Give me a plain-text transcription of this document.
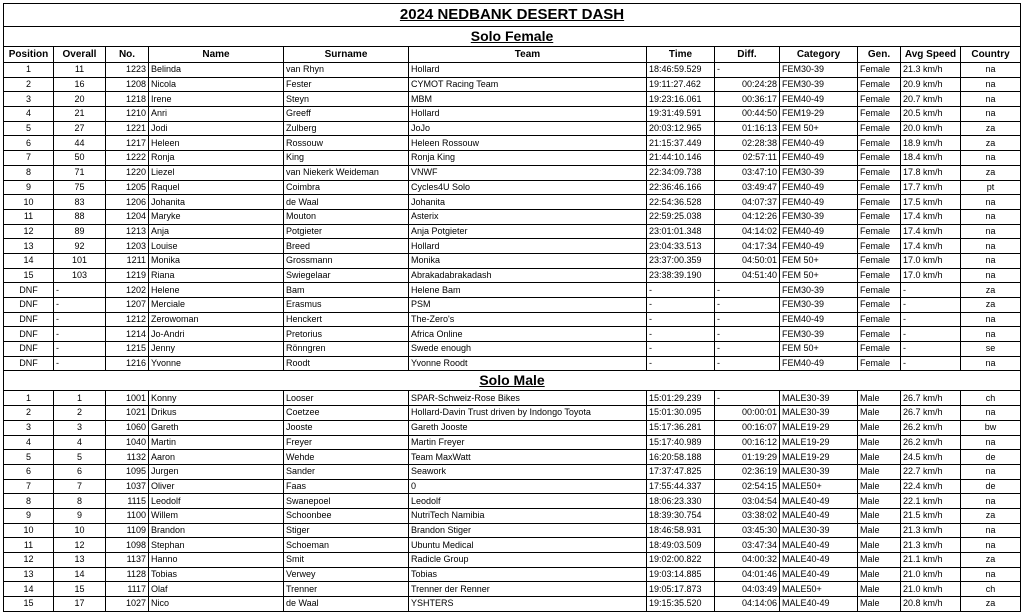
2024 NEDBANK DESERT DASH											
Solo Female											
Position	Overall	No.	Name	Surname	Team	Time	Diff.	Category	Gen.	Avg Speed	Country
1	11	1223	Belinda	van Rhyn	Hollard	18:46:59.529	-	FEM30-39	Female	21.3 km/h	na
2	16	1208	Nicola	Fester	CYMOT Racing Team	19:11:27.462	00:24:28	FEM30-39	Female	20.9 km/h	na
3	20	1218	Irene	Steyn	MBM	19:23:16.061	00:36:17	FEM40-49	Female	20.7 km/h	na
4	21	1210	Anri	Greeff	Hollard	19:31:49.591	00:44:50	FEM19-29	Female	20.5 km/h	na
5	27	1221	Jodi	Zulberg	JoJo	20:03:12.965	01:16:13	FEM 50+	Female	20.0 km/h	za
6	44	1217	Heleen	Rossouw	Heleen Rossouw	21:15:37.449	02:28:38	FEM40-49	Female	18.9 km/h	za
7	50	1222	Ronja	King	Ronja King	21:44:10.146	02:57:11	FEM40-49	Female	18.4 km/h	na
8	71	1220	Liezel	van Niekerk Weideman	VNWF	22:34:09.738	03:47:10	FEM30-39	Female	17.8 km/h	za
9	75	1205	Raquel	Coimbra	Cycles4U Solo	22:36:46.166	03:49:47	FEM40-49	Female	17.7 km/h	pt
10	83	1206	Johanita	de Waal	Johanita	22:54:36.528	04:07:37	FEM40-49	Female	17.5 km/h	na
11	88	1204	Maryke	Mouton	Asterix	22:59:25.038	04:12:26	FEM30-39	Female	17.4 km/h	na
12	89	1213	Anja	Potgieter	Anja Potgieter	23:01:01.348	04:14:02	FEM40-49	Female	17.4 km/h	na
13	92	1203	Louise	Breed	Hollard	23:04:33.513	04:17:34	FEM40-49	Female	17.4 km/h	na
14	101	1211	Monika	Grossmann	Monika	23:37:00.359	04:50:01	FEM 50+	Female	17.0 km/h	na
15	103	1219	Riana	Swiegelaar	Abrakadabrakadash	23:38:39.190	04:51:40	FEM 50+	Female	17.0 km/h	na
DNF	-	1202	Helene	Bam	Helene Bam	-	-	FEM30-39	Female	-	za
DNF	-	1207	Merciale	Erasmus	PSM	-	-	FEM30-39	Female	-	za
DNF	-	1212	Zerowoman	Henckert	The-Zero's	-	-	FEM40-49	Female	-	na
DNF	-	1214	Jo-Andri	Pretorius	Africa Online	-	-	FEM30-39	Female	-	na
DNF	-	1215	Jenny	Rönngren	Swede enough	-	-	FEM 50+	Female	-	se
DNF	-	1216	Yvonne	Roodt	Yvonne Roodt	-	-	FEM40-49	Female	-	na
Solo Male											
1	1	1001	Konny	Looser	SPAR-Schweiz-Rose Bikes	15:01:29.239	-	MALE30-39	Male	26.7 km/h	ch
2	2	1021	Drikus	Coetzee	Hollard-Davin Trust driven by Indongo Toyota	15:01:30.095	00:00:01	MALE30-39	Male	26.7 km/h	na
3	3	1060	Gareth	Jooste	Gareth Jooste	15:17:36.281	00:16:07	MALE19-29	Male	26.2 km/h	bw
4	4	1040	Martin	Freyer	Martin Freyer	15:17:40.989	00:16:12	MALE19-29	Male	26.2 km/h	na
5	5	1132	Aaron	Wehde	Team MaxWatt	16:20:58.188	01:19:29	MALE19-29	Male	24.5 km/h	de
6	6	1095	Jurgen	Sander	Seawork	17:37:47.825	02:36:19	MALE30-39	Male	22.7 km/h	na
7	7	1037	Oliver	Faas	0	17:55:44.337	02:54:15	MALE50+	Male	22.4 km/h	de
8	8	1115	Leodolf	Swanepoel	Leodolf	18:06:23.330	03:04:54	MALE40-49	Male	22.1 km/h	na
9	9	1100	Willem	Schoonbee	NutriTech Namibia	18:39:30.754	03:38:02	MALE40-49	Male	21.5 km/h	za
10	10	1109	Brandon	Stiger	Brandon Stiger	18:46:58.931	03:45:30	MALE30-39	Male	21.3 km/h	na
11	12	1098	Stephan	Schoeman	Ubuntu Medical	18:49:03.509	03:47:34	MALE40-49	Male	21.3 km/h	na
12	13	1137	Hanno	Smit	Radicle Group	19:02:00.822	04:00:32	MALE40-49	Male	21.1 km/h	za
13	14	1128	Tobias	Verwey	Tobias	19:03:14.885	04:01:46	MALE40-49	Male	21.0 km/h	na
14	15	1117	Olaf	Trenner	Trenner der Renner	19:05:17.873	04:03:49	MALE50+	Male	21.0 km/h	ch
15	17	1027	Nico	de Waal	YSHTERS	19:15:35.520	04:14:06	MALE40-49	Male	20.8 km/h	za
